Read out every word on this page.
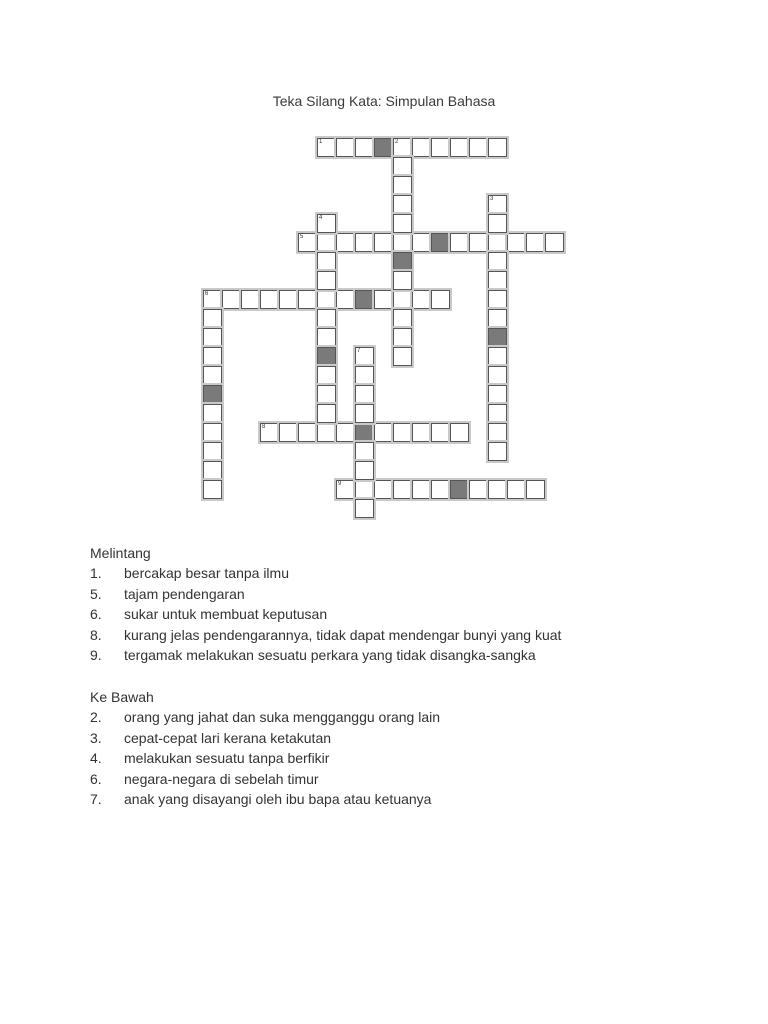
Teka Silang Kata: Simpulan Bahasa
1	2
5
6
8
9
3
4
7
Melintang
1. bercakap besar tanpa ilmu
5. tajam pendengaran
6. sukar untuk membuat keputusan
8. kurang jelas pendengarannya, tidak dapat mendengar bunyi yang kuat
9. tergamak melakukan sesuatu perkara yang tidak disangka-sangka
Ke Bawah
2. orang yang jahat dan suka mengganggu orang lain
3. cepat-cepat lari kerana ketakutan
4. melakukan sesuatu tanpa berfikir
6. negara-negara di sebelah timur
7. anak yang disayangi oleh ibu bapa atau ketuanya
